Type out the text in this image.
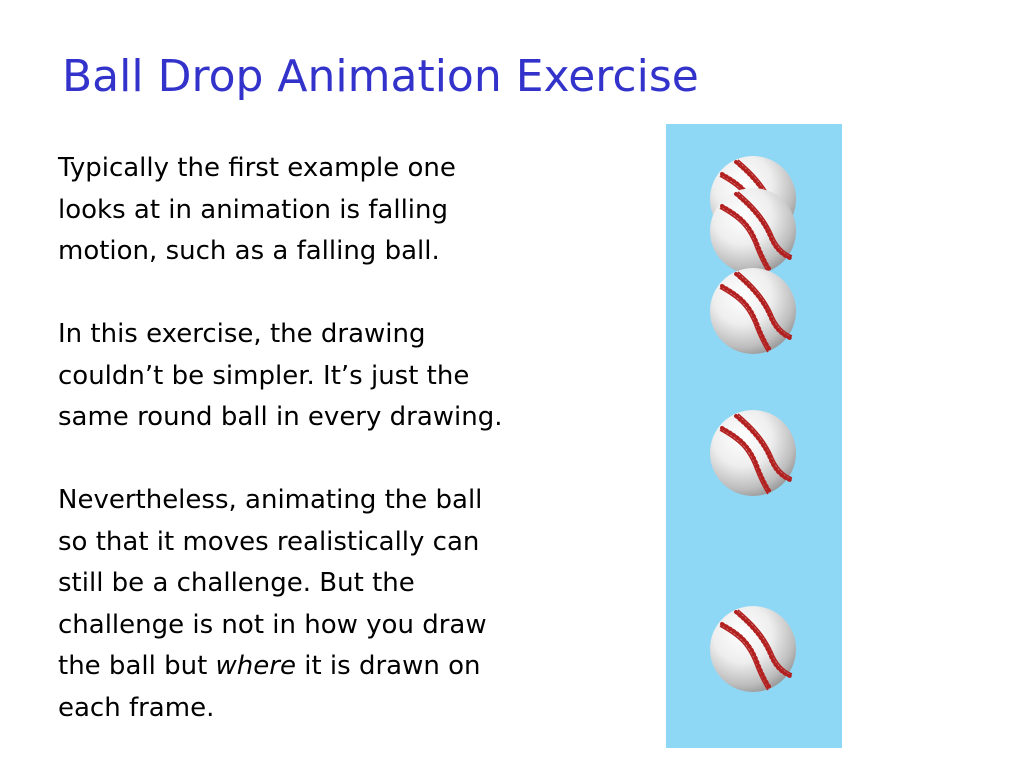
Ball Drop Animation Exercise

Typically the first example one
looks at in animation is falling
motion, such as a falling ball.

In this exercise, the drawing
couldn’t be simpler. It’s just the
same round ball in every drawing.

Nevertheless, animating the ball
so that it moves realistically can
still be a challenge. But the
challenge is not in how you draw
the ball but where it is drawn on
each frame.
